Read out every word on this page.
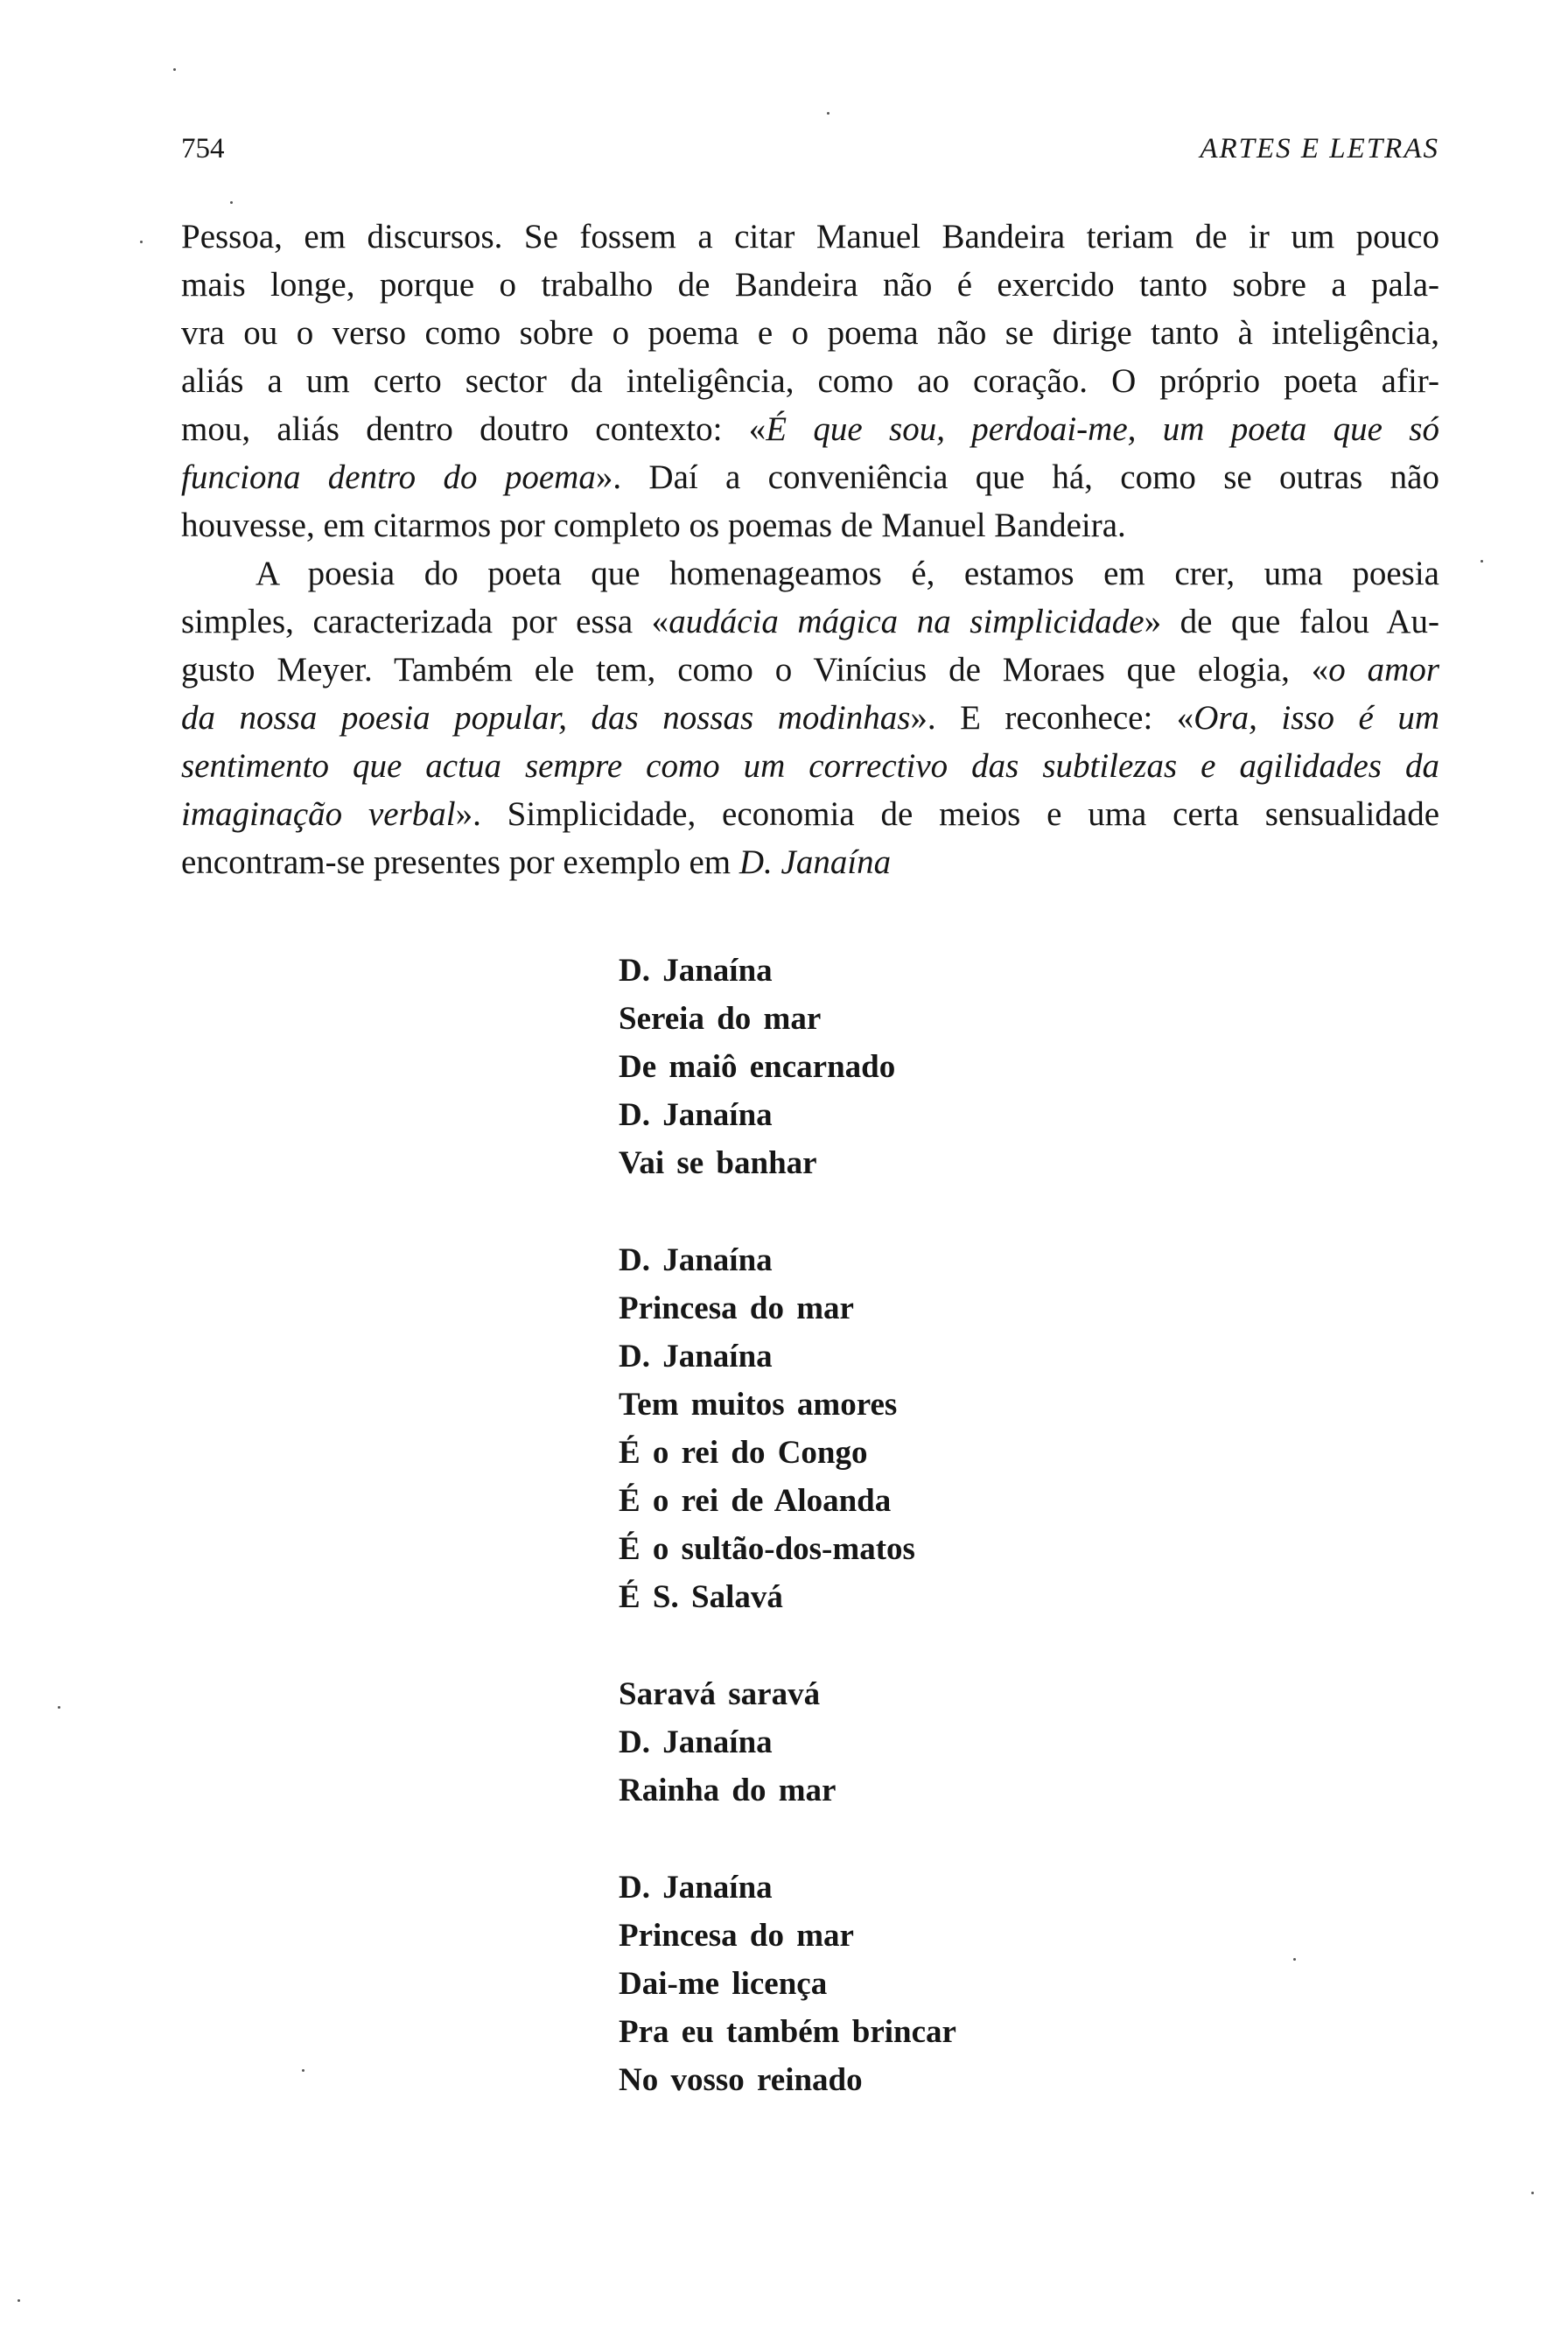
754	ARTES E LETRAS
Pessoa, em discursos. Se fossem a citar Manuel Bandeira teriam de ir um pouco
mais longe, porque o trabalho de Bandeira não é exercido tanto sobre a pala-
vra ou o verso como sobre o poema e o poema não se dirige tanto à inteligência,
aliás a um certo sector da inteligência, como ao coração. O próprio poeta afir-
mou, aliás dentro doutro contexto: «É que sou, perdoai-me, um poeta que só
funciona dentro do poema». Daí a conveniência que há, como se outras não
houvesse, em citarmos por completo os poemas de Manuel Bandeira.
A poesia do poeta que homenageamos é, estamos em crer, uma poesia
simples, caracterizada por essa «audácia mágica na simplicidade» de que falou Au-
gusto Meyer. Também ele tem, como o Vinícius de Moraes que elogia, «o amor
da nossa poesia popular, das nossas modinhas». E reconhece: «Ora, isso é um
sentimento que actua sempre como um correctivo das subtilezas e agilidades da
imaginação verbal». Simplicidade, economia de meios e uma certa sensualidade
encontram-se presentes por exemplo em D. Janaína
D. Janaína
Sereia do mar
De maiô encarnado
D. Janaína
Vai se banhar
D. Janaína
Princesa do mar
D. Janaína
Tem muitos amores
É o rei do Congo
É o rei de Aloanda
É o sultão-dos-matos
É S. Salavá
Saravá saravá
D. Janaína
Rainha do mar
D. Janaína
Princesa do mar
Dai-me licença
Pra eu também brincar
No vosso reinado
